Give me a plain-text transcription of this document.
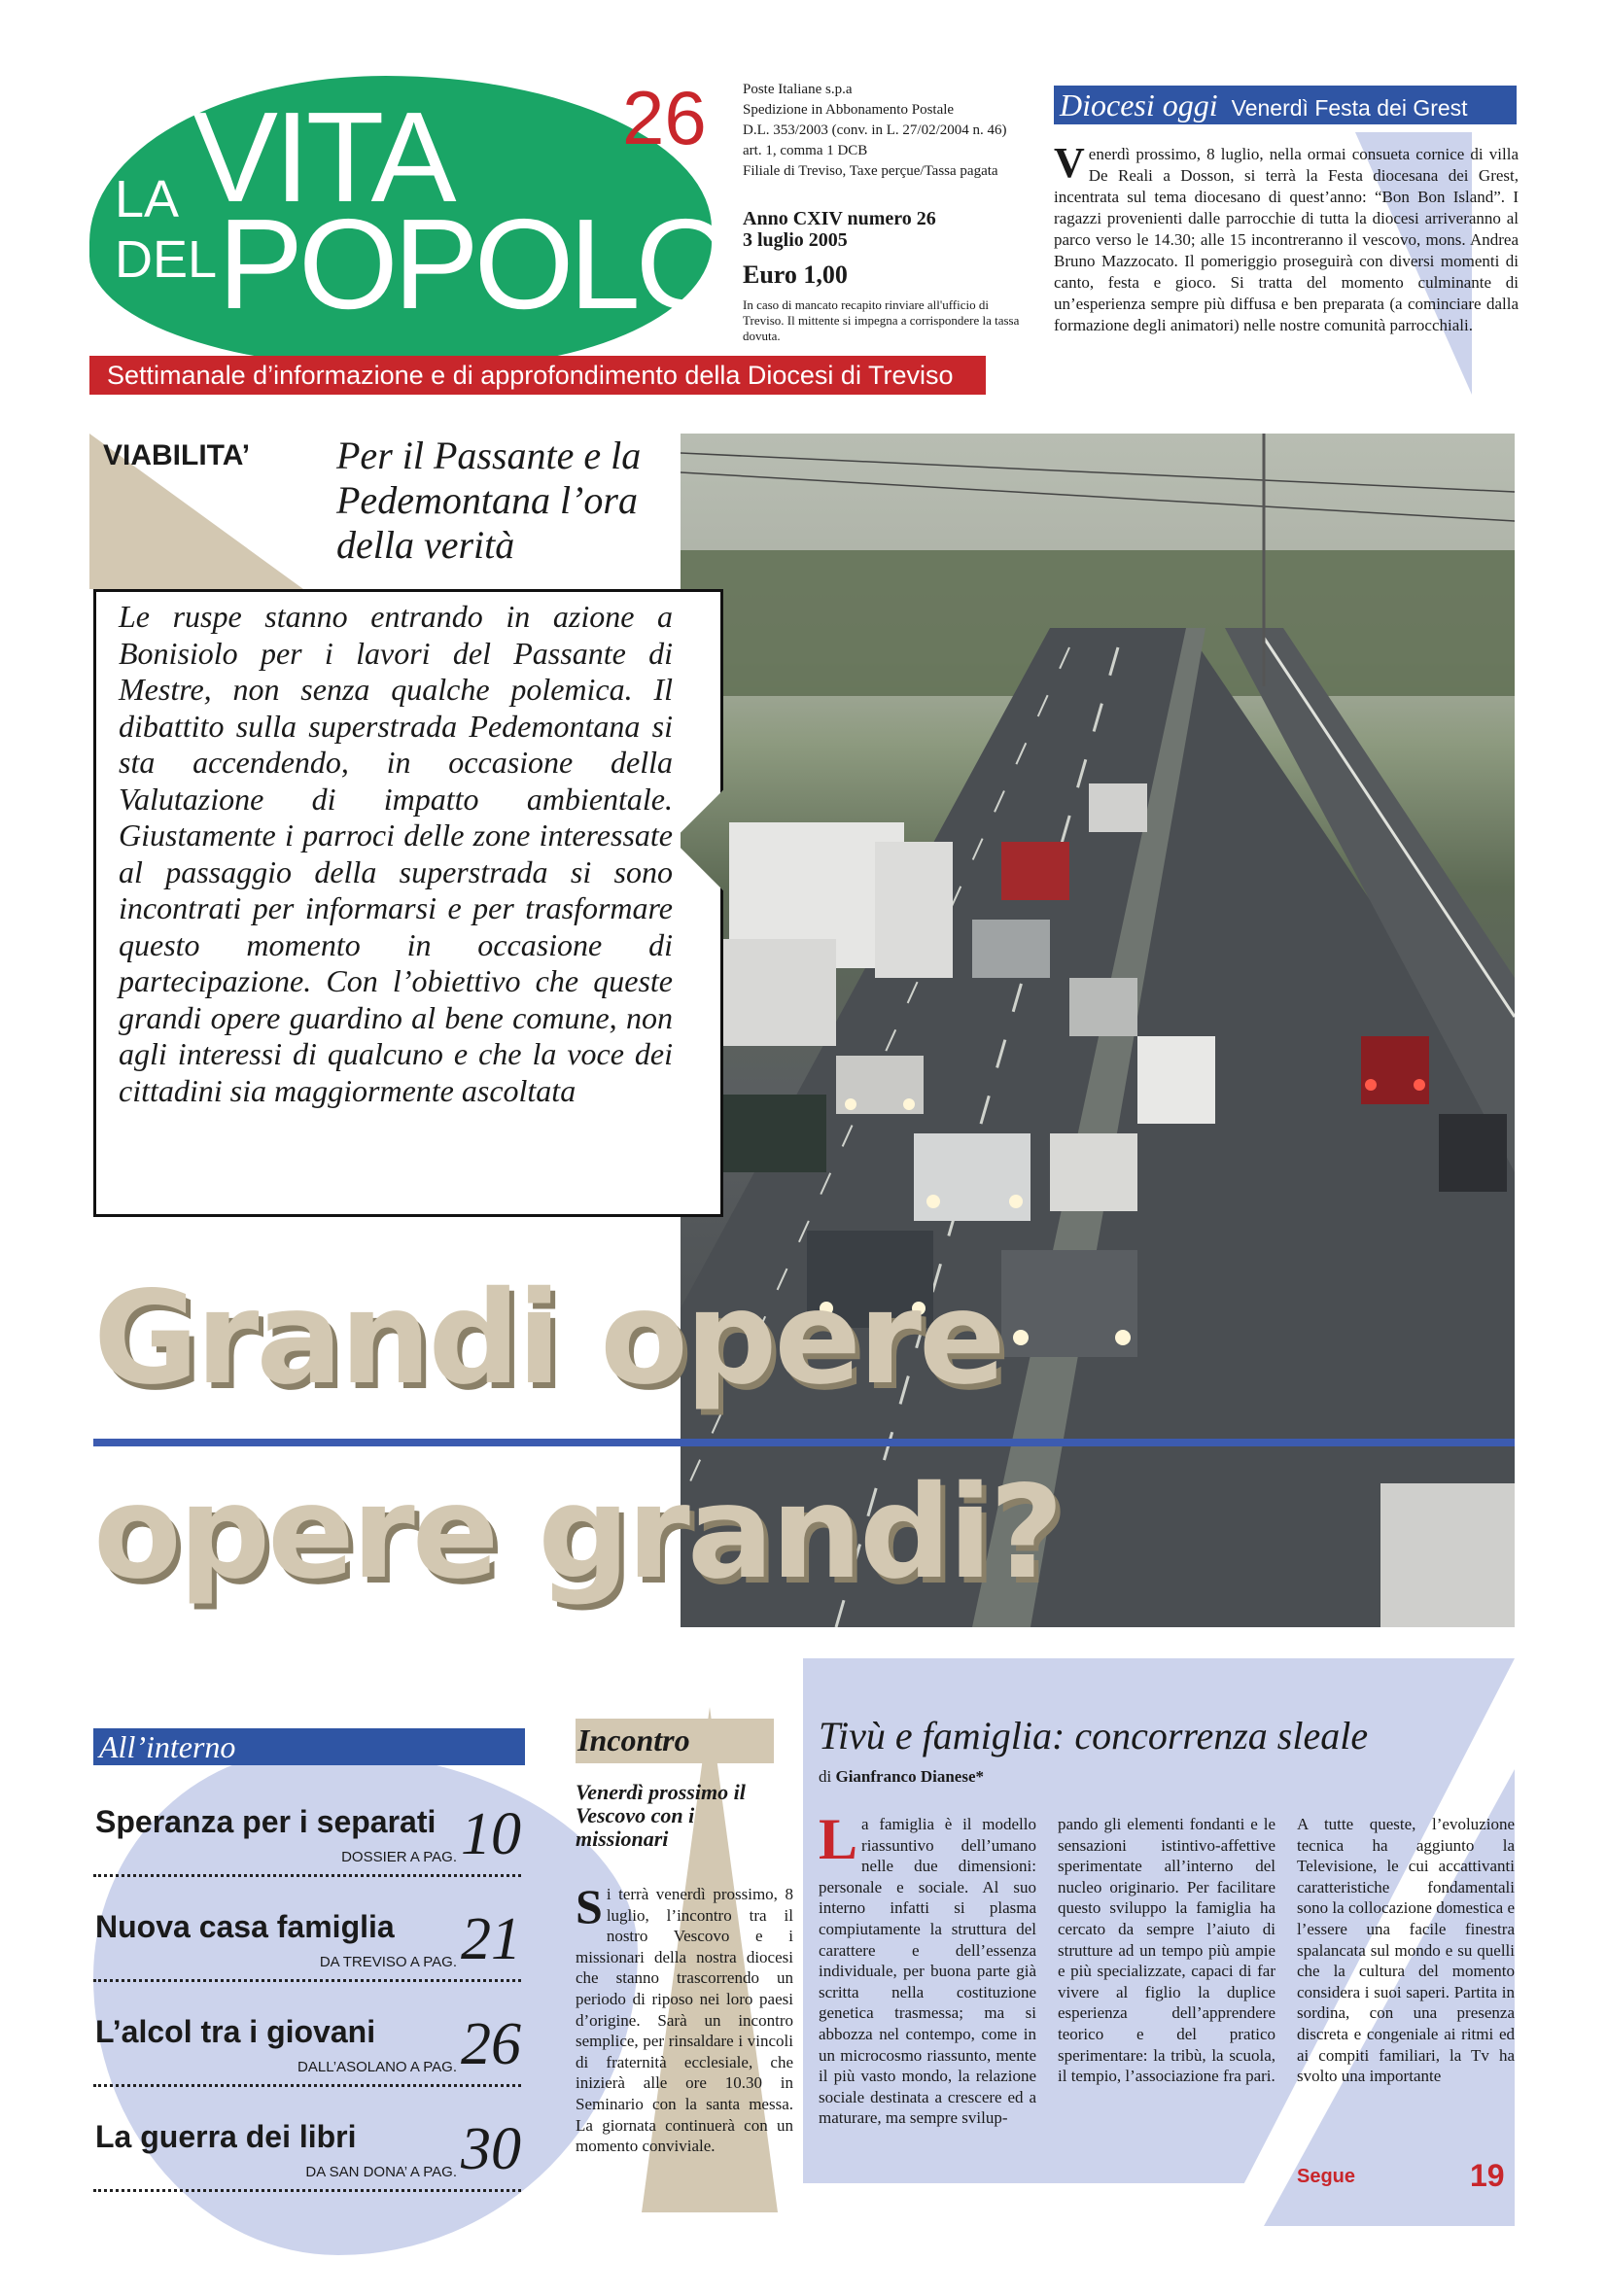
LA VITA
DEL POPOLO
26 Poste Italiane s.p.a
Spedizione in Abbonamento Postale
D.L. 353/2003 (conv. in L. 27/02/2004 n. 46)
art. 1, comma 1 DCB
Filiale di Treviso, Taxe perçue/Tassa pagata
Anno CXIV numero 26
3 luglio 2005
Euro 1,00
In caso di mancato recapito rinviare all'ufficio di Treviso. Il mittente si impegna a corrispondere la tassa dovuta.
Settimanale d’informazione e di approfondimento della Diocesi di Treviso
Diocesi oggi Venerdì Festa dei Grest
Venerdì prossimo, 8 luglio, nella ormai consueta cornice di villa De Reali a Dosson, si terrà la Festa diocesana dei Grest, incentrata sul tema diocesano di quest’anno: “Bon Bon Island”. I ragazzi provenienti dalle parrocchie di tutta la diocesi arriveranno al parco verso le 14.30; alle 15 incontreranno il vescovo, mons. Andrea Bruno Mazzocato. Il pomeriggio proseguirà con diversi momenti di canto, festa e gioco. Si tratta del momento culminante di un’esperienza sempre più diffusa e ben preparata (a cominciare dalla formazione degli animatori) nelle nostre comunità parrocchiali.
VIABILITA’ Per il Passante e la Pedemontana l’ora della verità
Le ruspe stanno entrando in azione a Bonisiolo per i lavori del Passante di Mestre, non senza qualche polemica. Il dibattito sulla superstrada Pedemontana si sta accendendo, in occasione della Valutazione di impatto ambientale. Giustamente i parroci delle zone interessate al passaggio della superstrada si sono incontrati per informarsi e per trasformare questo momento in occasione di partecipazione. Con l’obiettivo che queste grandi opere guardino al bene comune, non agli interessi di qualcuno e che la voce dei cittadini sia maggiormente ascoltata
Grandi opere
opere grandi?
All’interno
Speranza per i separati
DOSSIER A PAG. 10
Nuova casa famiglia
DA TREVISO A PAG. 21
L’alcol tra i giovani
DALL’ASOLANO A PAG. 26
La guerra dei libri
DA SAN DONA’ A PAG. 30
Incontro
Venerdì prossimo il Vescovo con i missionari
Si terrà venerdì prossimo, 8 luglio, l’incontro tra il nostro Vescovo e i missionari della nostra diocesi che stanno trascorrendo un periodo di riposo nei loro paesi d’origine. Sarà un incontro semplice, per rinsaldare i vincoli di fraternità ecclesiale, che inizierà alle ore 10.30 in Seminario con la santa messa. La giornata continuerà con un momento conviviale.
Tivù e famiglia: concorrenza sleale
di Gianfranco Dianese*
La famiglia è il modello riassuntivo dell’umano nelle due dimensioni: personale e sociale. Al suo interno infatti si plasma compiutamente la struttura del carattere e dell’essenza individuale, per buona parte già scritta nella costituzione genetica trasmessa; ma si abbozza nel contempo, come in un microcosmo riassunto, mente il più vasto mondo, la relazione sociale destinata a crescere ed a maturare, ma sempre svilup-
pando gli elementi fondanti e le sensazioni istintivo-affettive sperimentate all’interno del nucleo originario. Per facilitare questo sviluppo la famiglia ha cercato da sempre l’aiuto di strutture ad un tempo più ampie e più specializzate, capaci di far vivere al figlio la duplice esperienza dell’apprendere teorico e del pratico sperimentare: la tribù, la scuola, il tempio, l’associazione fra pari.
A tutte queste, l’evoluzione tecnica ha aggiunto la Televisione, le cui accattivanti caratteristiche fondamentali sono la collocazione domestica e l’essere una facile finestra spalancata sul mondo e su quelli che la cultura del momento considera i suoi saperi. Partita in sordina, con una presenza discreta e congeniale ai ritmi ed ai compiti familiari, la Tv ha svolto una importante
Segue	19
